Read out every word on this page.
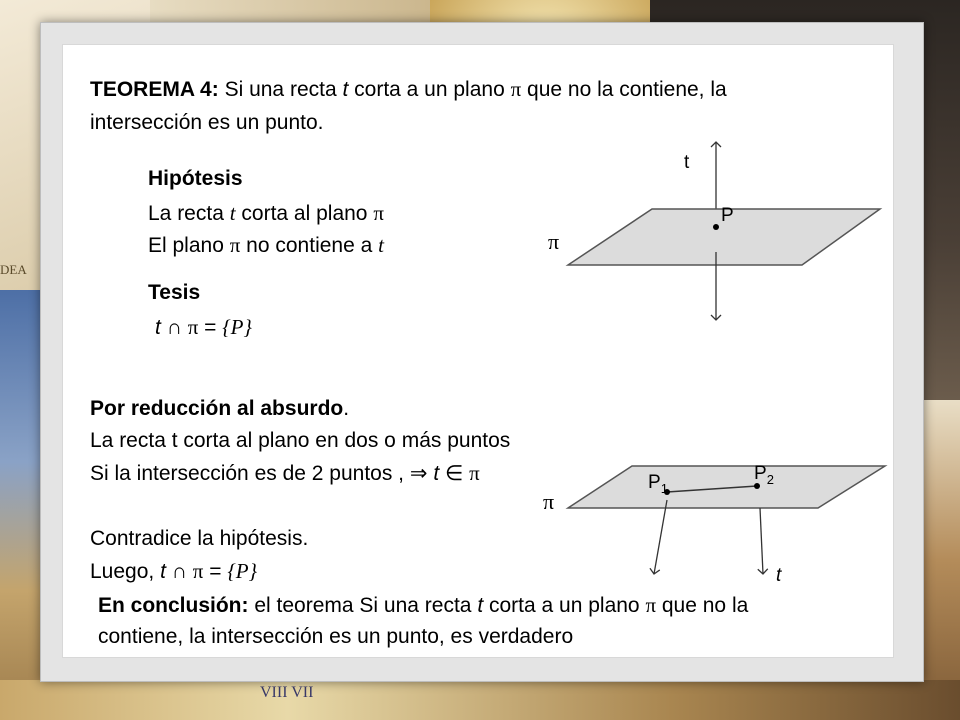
DEA
VIII VII
TEOREMA 4: Si una recta t corta a un plano π que no la contiene, la
intersección es un punto.
Hipótesis
La recta t corta al plano π
El plano π no contiene a t
Tesis
t ∩ π = {P}
Por reducción al absurdo.
La recta t corta al plano en dos o más puntos
Si la intersección es de 2 puntos , ⇒ t ∈ π
Contradice la hipótesis.
Luego, t ∩ π = {P}
En conclusión: el teorema Si una recta t corta a un plano π que no la
contiene, la intersección es un punto, es verdadero
t
P
π
$P_1$
$P_2$
π
t
